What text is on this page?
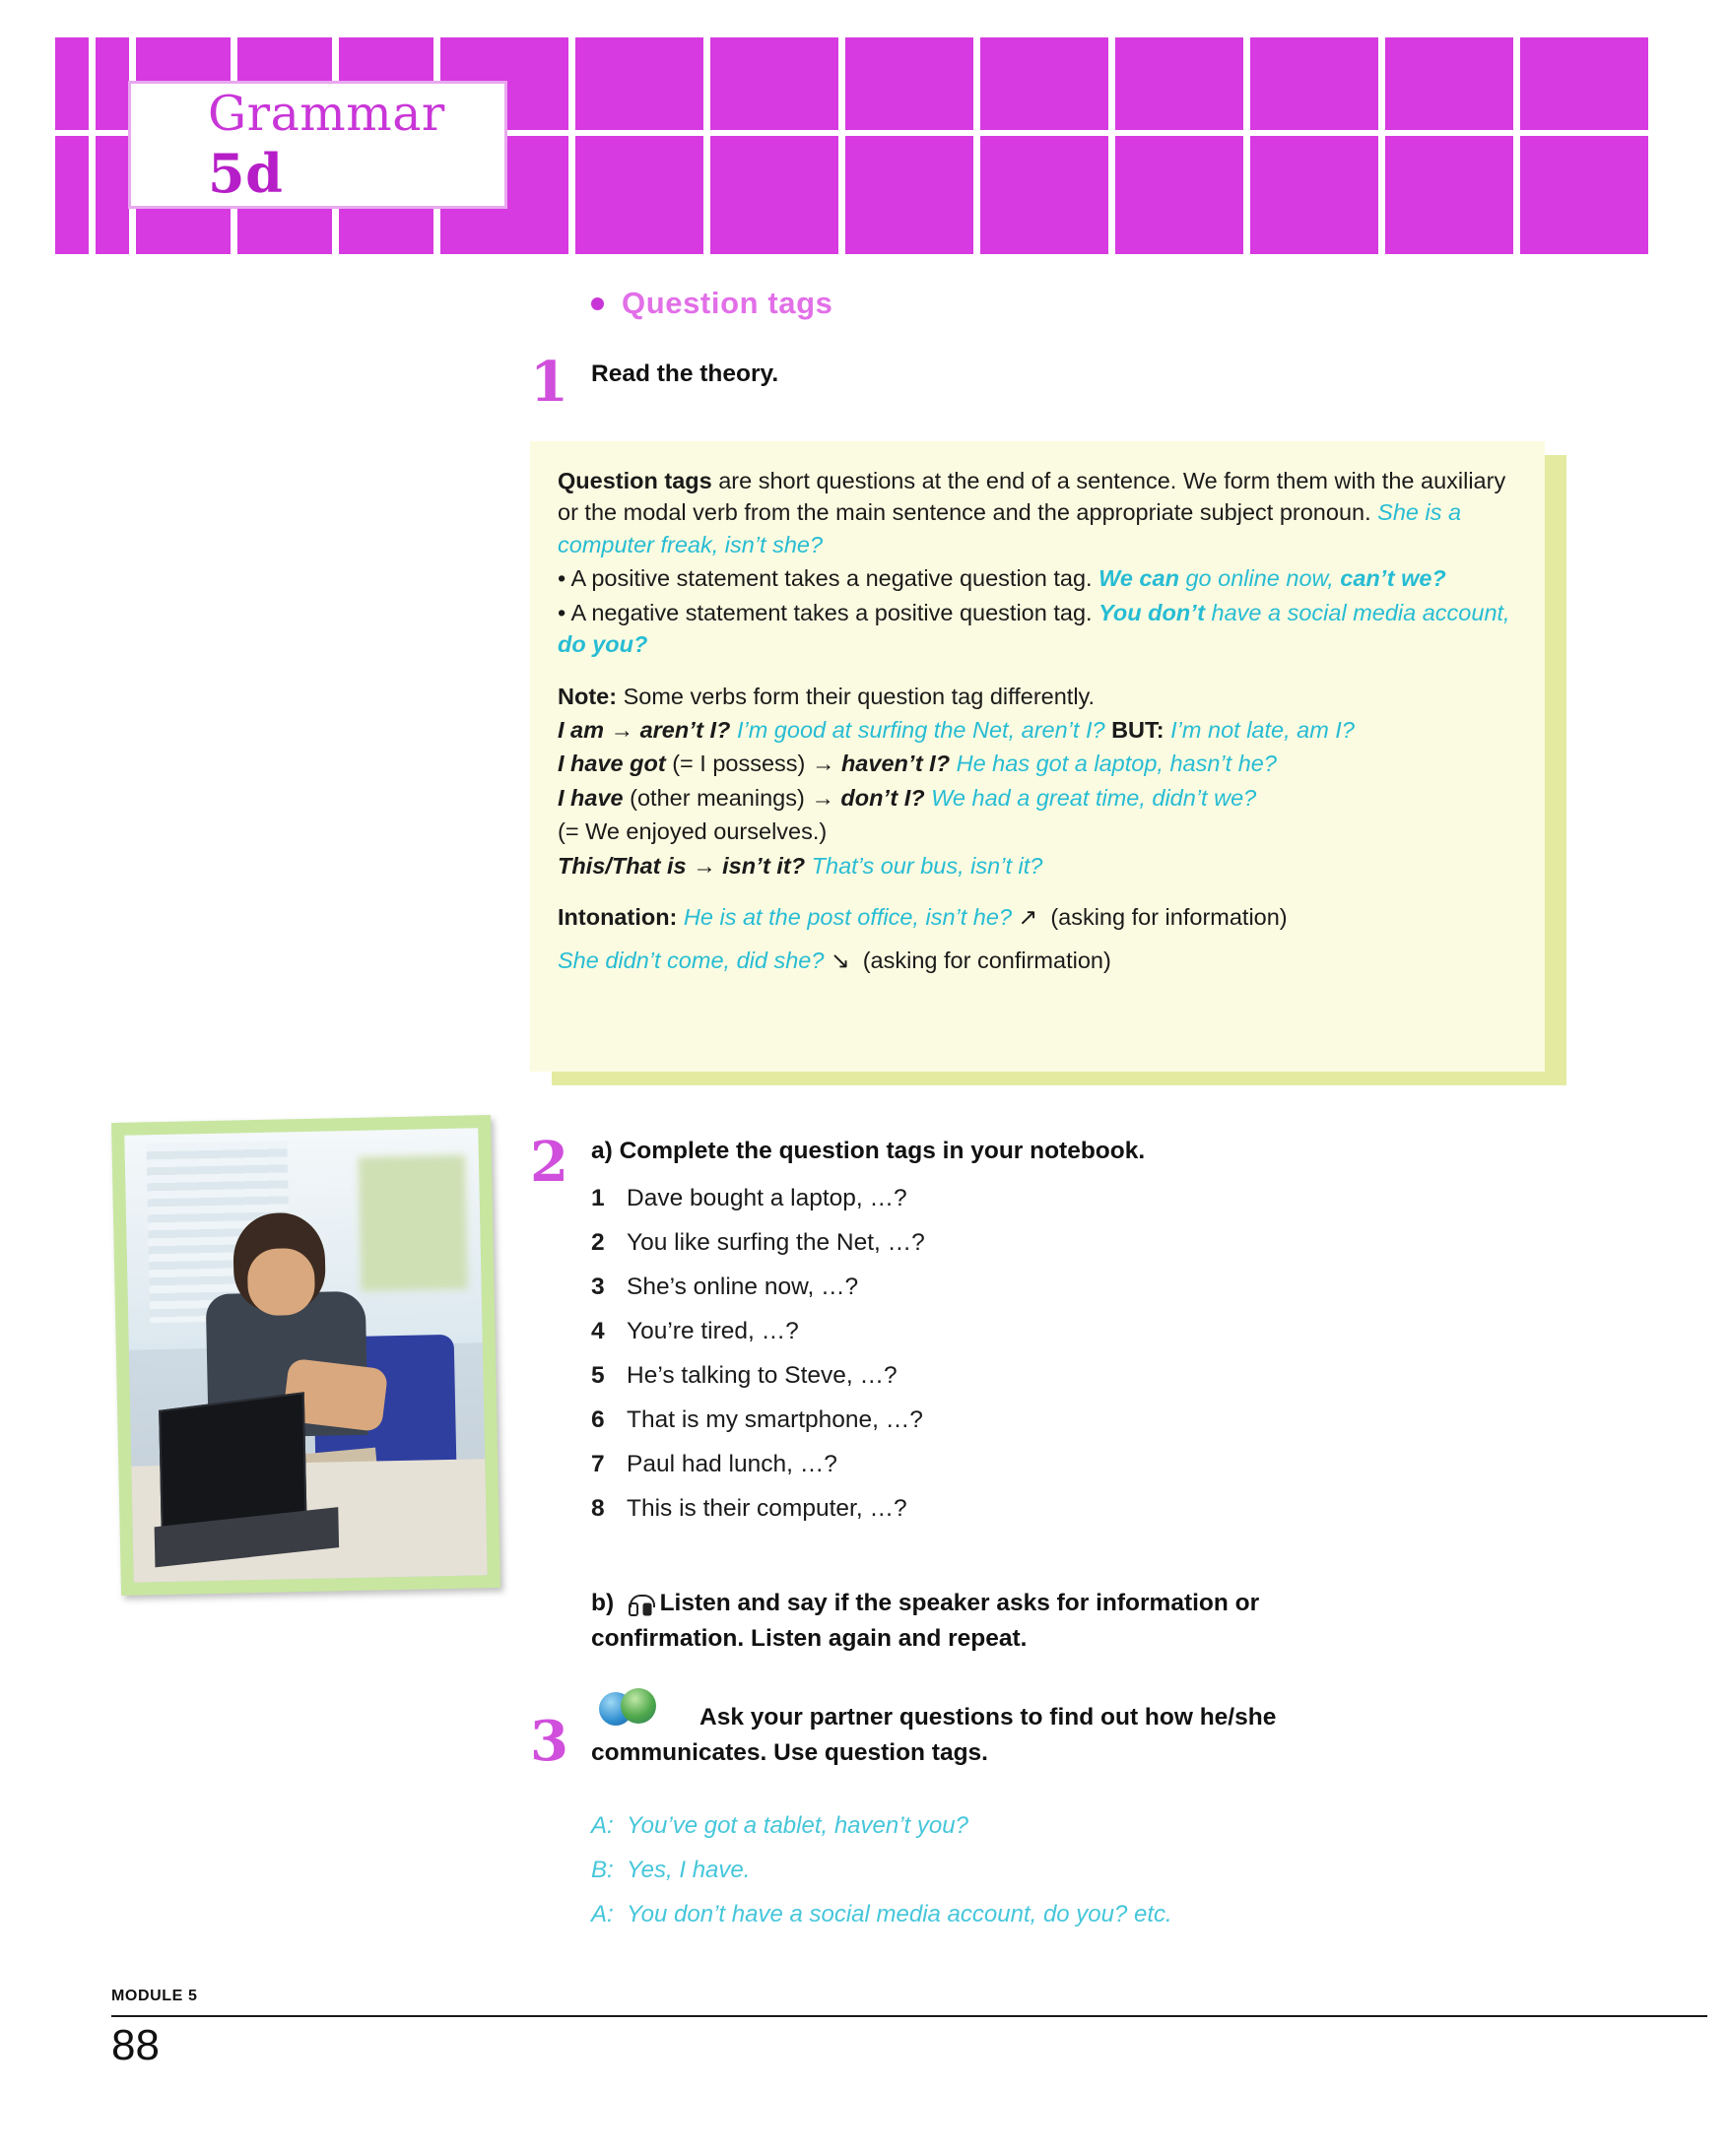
Grammar 5d
Question tags
1 Read the theory.

Question tags are short questions at the end of a sentence. We form them with the auxiliary or the modal verb from the main sentence and the appropriate subject pronoun. She is a computer freak, isn’t she?

• A positive statement takes a negative question tag. We can go online now, can’t we?

• A negative statement takes a positive question tag. You don’t have a social media account, do you?

Note: Some verbs form their question tag differently.

I am → aren’t I? I’m good at surfing the Net, aren’t I? BUT: I’m not late, am I?

I have got (= I possess) → haven’t I? He has got a laptop, hasn’t he?

I have (other meanings) → don’t I? We had a great time, didn’t we?

(= We enjoyed ourselves.)

This/That is → isn’t it? That’s our bus, isn’t it?

Intonation: He is at the post office, isn’t he? ↗ (asking for information)

She didn’t come, did she? ↘ (asking for confirmation)

2 a) Complete the question tags in your notebook.
1 Dave bought a laptop, …?
2 You like surfing the Net, …?
3 She’s online now, …?
4 You’re tired, …?
5 He’s talking to Steve, …?
6 That is my smartphone, …?
7 Paul had lunch, …?
8 This is their computer, …?
b) Listen and say if the speaker asks for information or confirmation. Listen again and repeat.
3	Ask your partner questions to find out how he/she communicates. Use question tags.
A: You’ve got a tablet, haven’t you?
B: Yes, I have.
A: You don’t have a social media account, do you? etc.
MODULE 5
88
